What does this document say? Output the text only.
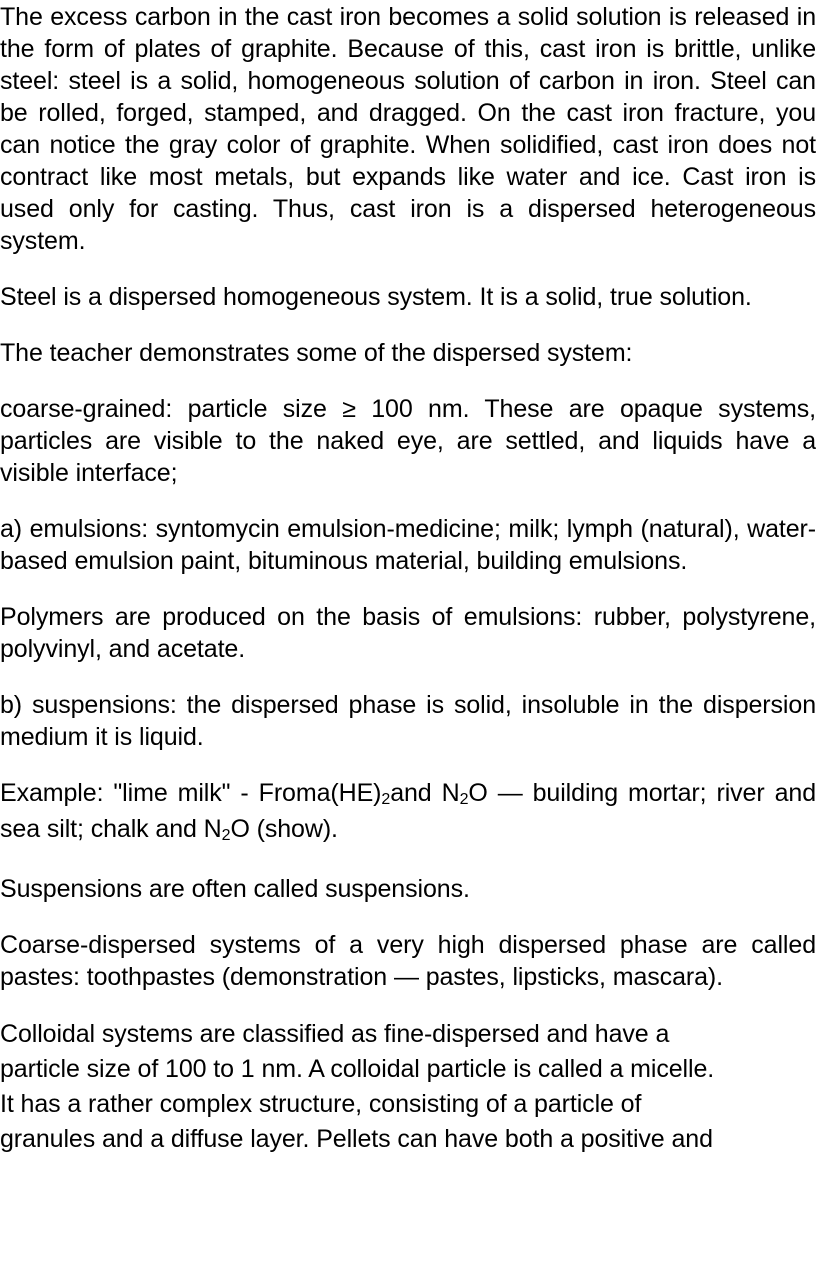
The excess carbon in the cast iron becomes a solid solution is released in the form of plates of graphite. Because of this, cast iron is brittle, unlike steel: steel is a solid, homogeneous solution of carbon in iron. Steel can be rolled, forged, stamped, and dragged. On the cast iron fracture, you can notice the gray color of graphite. When solidified, cast iron does not contract like most metals, but expands like water and ice. Cast iron is used only for casting. Thus, cast iron is a dispersed heterogeneous system.

Steel is a dispersed homogeneous system. It is a solid, true solution.

The teacher demonstrates some of the dispersed system:

coarse-grained: particle size ≥ 100 nm. These are opaque systems, particles are visible to the naked eye, are settled, and liquids have a visible interface;

a) emulsions: syntomycin emulsion-medicine; milk; lymph (natural), water-based emulsion paint, bituminous material, building emulsions.

Polymers are produced on the basis of emulsions: rubber, polystyrene, polyvinyl, and acetate.

b) suspensions: the dispersed phase is solid, insoluble in the dispersion medium it is liquid.

Example: "lime milk" - $Froma(HE)_2and$ $N_2O$ — building mortar; river and sea silt; chalk and $N_2O$ (show).

Suspensions are often called suspensions.

Coarse-dispersed systems of a very high dispersed phase are called pastes: toothpastes (demonstration — pastes, lipsticks, mascara).

Colloidal systems are classified as fine-dispersed and have a

particle size of 100 to 1 nm. A colloidal particle is called a micelle.

It has a rather complex structure, consisting of a particle of

granules and a diffuse layer. Pellets can have both a positive and
